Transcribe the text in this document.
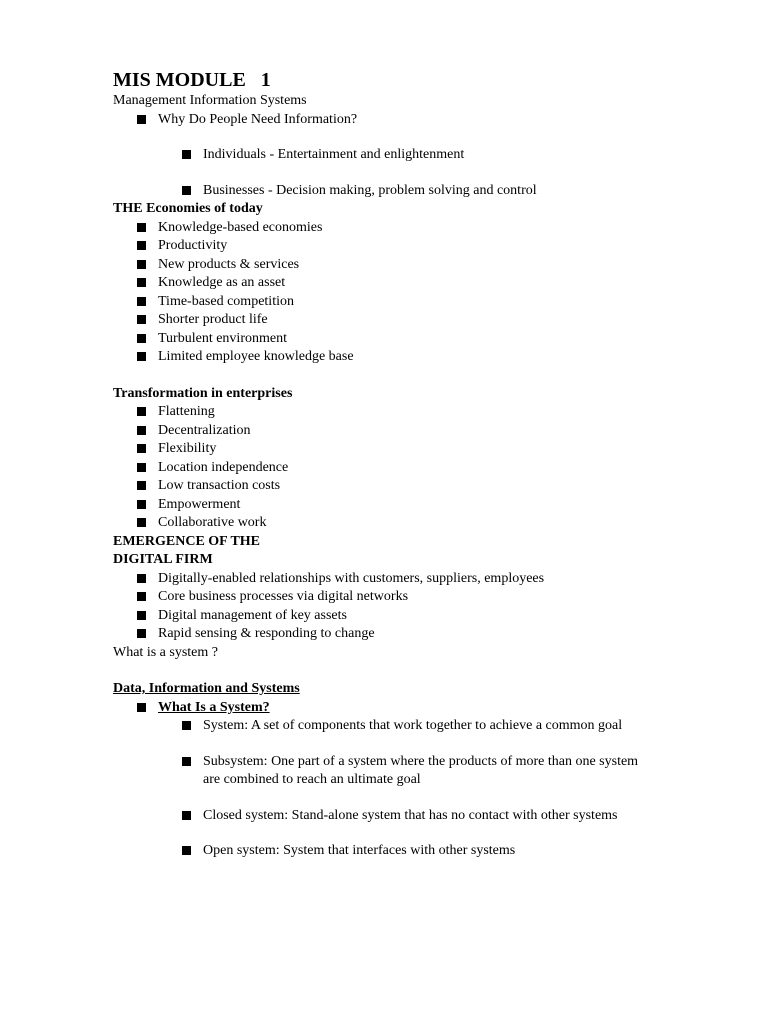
MIS MODULE   1
Management Information Systems
Why Do People Need Information?
Individuals - Entertainment and enlightenment
Businesses - Decision making, problem solving and control
THE Economies of today
Knowledge-based economies
Productivity
New products & services
Knowledge as an asset
Time-based competition
Shorter product life
Turbulent environment
Limited employee knowledge base
Transformation in enterprises
Flattening
Decentralization
Flexibility
Location independence
Low transaction costs
Empowerment
Collaborative work
EMERGENCE OF THE
DIGITAL FIRM
Digitally-enabled relationships with customers, suppliers, employees
Core business processes via digital networks
Digital management of key assets
Rapid sensing & responding to change
What is a system ?
Data, Information and Systems
What Is a System?
System: A set of components that work together to achieve a common goal
Subsystem: One part of a system where the products of more than one system are combined to reach an ultimate goal
Closed system: Stand-alone system that has no contact with other systems
Open system: System that interfaces with other systems
